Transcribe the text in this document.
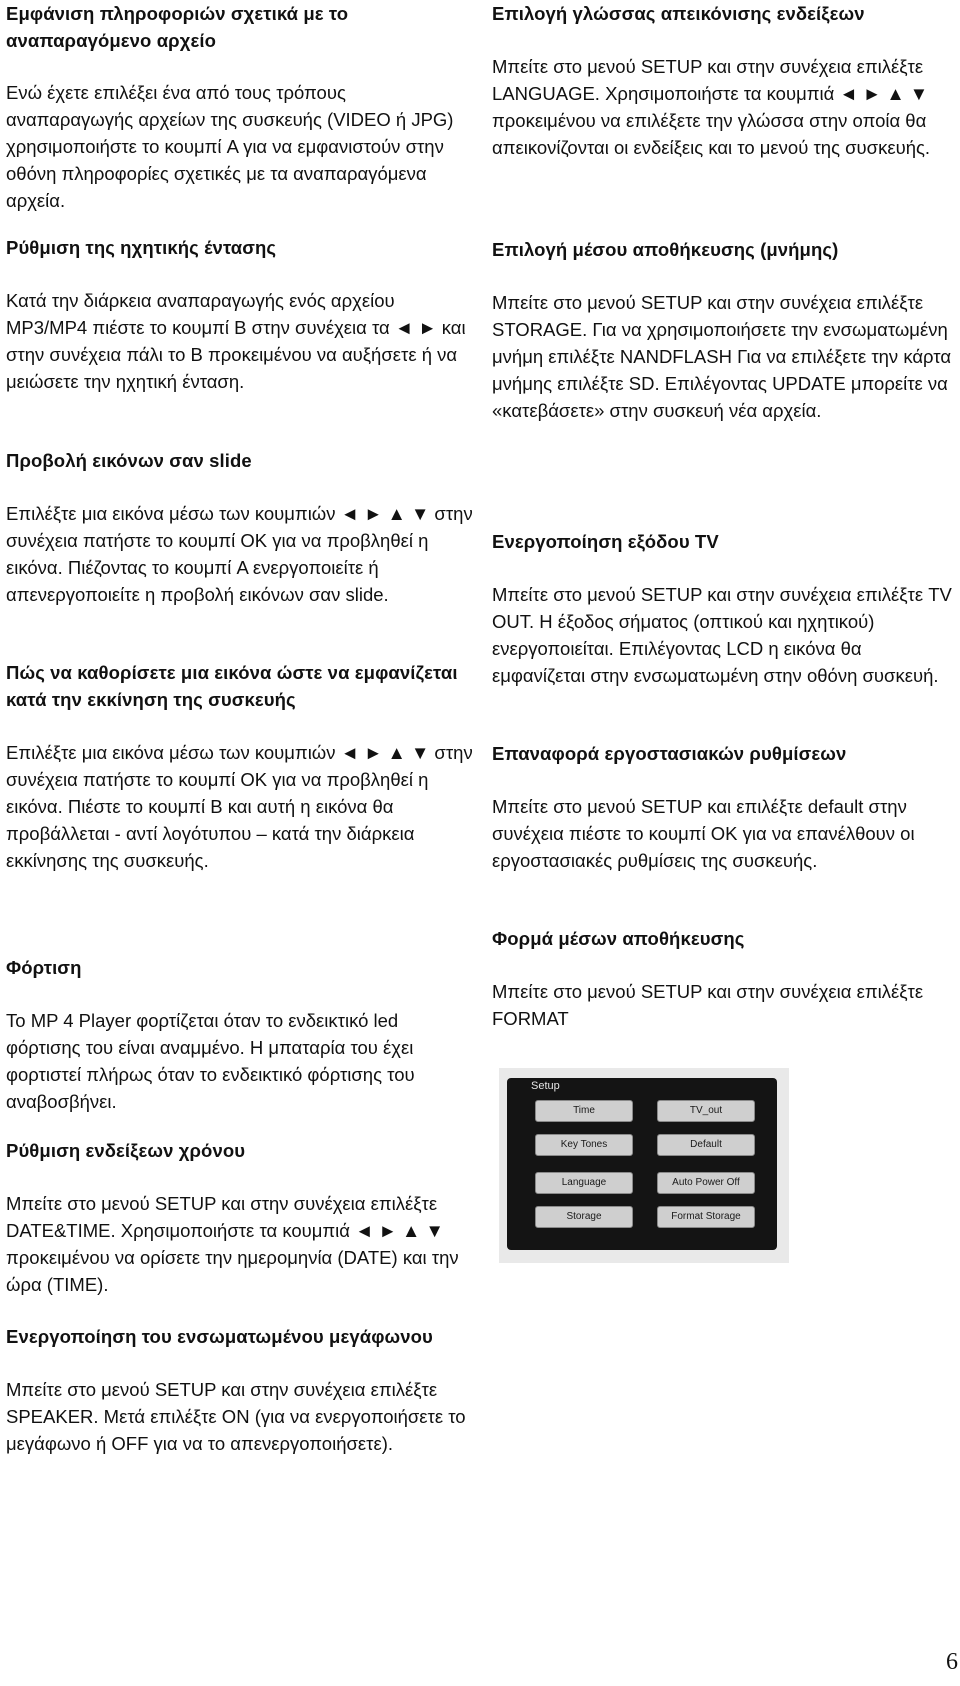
Εμφάνιση πληροφοριών σχετικά με το αναπαραγόμενο αρχείο

Ενώ έχετε επιλέξει ένα από τους τρόπους αναπαραγωγής αρχείων της συσκευής (VIDEO ή JPG) χρησιμοποιήστε το κουμπί A για να εμφανιστούν στην οθόνη πληροφορίες σχετικές με τα αναπαραγόμενα αρχεία.

Ρύθμιση της ηχητικής έντασης

Κατά την διάρκεια αναπαραγωγής ενός αρχείου MP3/MP4 πιέστε το κουμπί B στην συνέχεια τα ◄ ► και στην συνέχεια πάλι το B προκειμένου να αυξήσετε ή να μειώσετε την ηχητική ένταση.

Προβολή εικόνων σαν slide

Επιλέξτε μια εικόνα μέσω των κουμπιών ◄ ► ▲ ▼ στην συνέχεια πατήστε το κουμπί OK για να προβληθεί η εικόνα. Πιέζοντας το κουμπί A ενεργοποιείτε ή απενεργοποιείτε η προβολή εικόνων σαν slide.

Πώς να καθορίσετε μια εικόνα ώστε να εμφανίζεται κατά την εκκίνηση της συσκευής

Επιλέξτε μια εικόνα μέσω των κουμπιών ◄ ► ▲ ▼ στην συνέχεια πατήστε το κουμπί OK για να προβληθεί η εικόνα. Πιέστε το κουμπί B και αυτή η εικόνα θα προβάλλεται - αντί λογότυπου – κατά την διάρκεια εκκίνησης της συσκευής.

Φόρτιση

Το MP 4 Player φορτίζεται όταν το ενδεικτικό led φόρτισης του είναι αναμμένο. Η μπαταρία του έχει φορτιστεί πλήρως όταν το ενδεικτικό φόρτισης του αναβοσβήνει.

Ρύθμιση ενδείξεων χρόνου

Μπείτε στο μενού SETUP και στην συνέχεια επιλέξτε DATE&TIME. Χρησιμοποιήστε τα κουμπιά ◄ ► ▲ ▼ προκειμένου να ορίσετε την ημερομηνία (DATE) και την ώρα (TIME).

Ενεργοποίηση του ενσωματωμένου μεγάφωνου

Μπείτε στο μενού SETUP και στην συνέχεια επιλέξτε SPEAKER. Μετά επιλέξτε ON (για να ενεργοποιήσετε το μεγάφωνο ή OFF για να το απενεργοποιήσετε).

Επιλογή γλώσσας απεικόνισης ενδείξεων

Μπείτε στο μενού SETUP και στην συνέχεια επιλέξτε LANGUAGE. Χρησιμοποιήστε τα κουμπιά ◄ ► ▲ ▼ προκειμένου να επιλέξετε την γλώσσα στην οποία θα απεικονίζονται οι ενδείξεις και το μενού της συσκευής.

Επιλογή μέσου αποθήκευσης (μνήμης)

Μπείτε στο μενού SETUP και στην συνέχεια επιλέξτε STORAGE. Για να χρησιμοποιήσετε την ενσωματωμένη μνήμη επιλέξτε NANDFLASH Για να επιλέξετε την κάρτα μνήμης επιλέξτε SD. Επιλέγοντας UPDATE μπορείτε να «κατεβάσετε» στην συσκευή νέα αρχεία.

Ενεργοποίηση εξόδου TV

Μπείτε στο μενού SETUP και στην συνέχεια επιλέξτε TV OUT. Η έξοδος σήματος (οπτικού και ηχητικού) ενεργοποιείται. Επιλέγοντας LCD η εικόνα θα εμφανίζεται στην ενσωματωμένη στην οθόνη συσκευή.

Επαναφορά εργοστασιακών ρυθμίσεων

Μπείτε στο μενού SETUP και επιλέξτε default στην συνέχεια πιέστε το κουμπί OK για να επανέλθουν οι εργοστασιακές ρυθμίσεις της συσκευής.

Φορμά μέσων αποθήκευσης

Μπείτε στο μενού SETUP και στην συνέχεια επιλέξτε FORMAT

Setup
Time	TV_out
Key Tones	Default
Language	Auto Power Off
Storage	Format Storage
6
